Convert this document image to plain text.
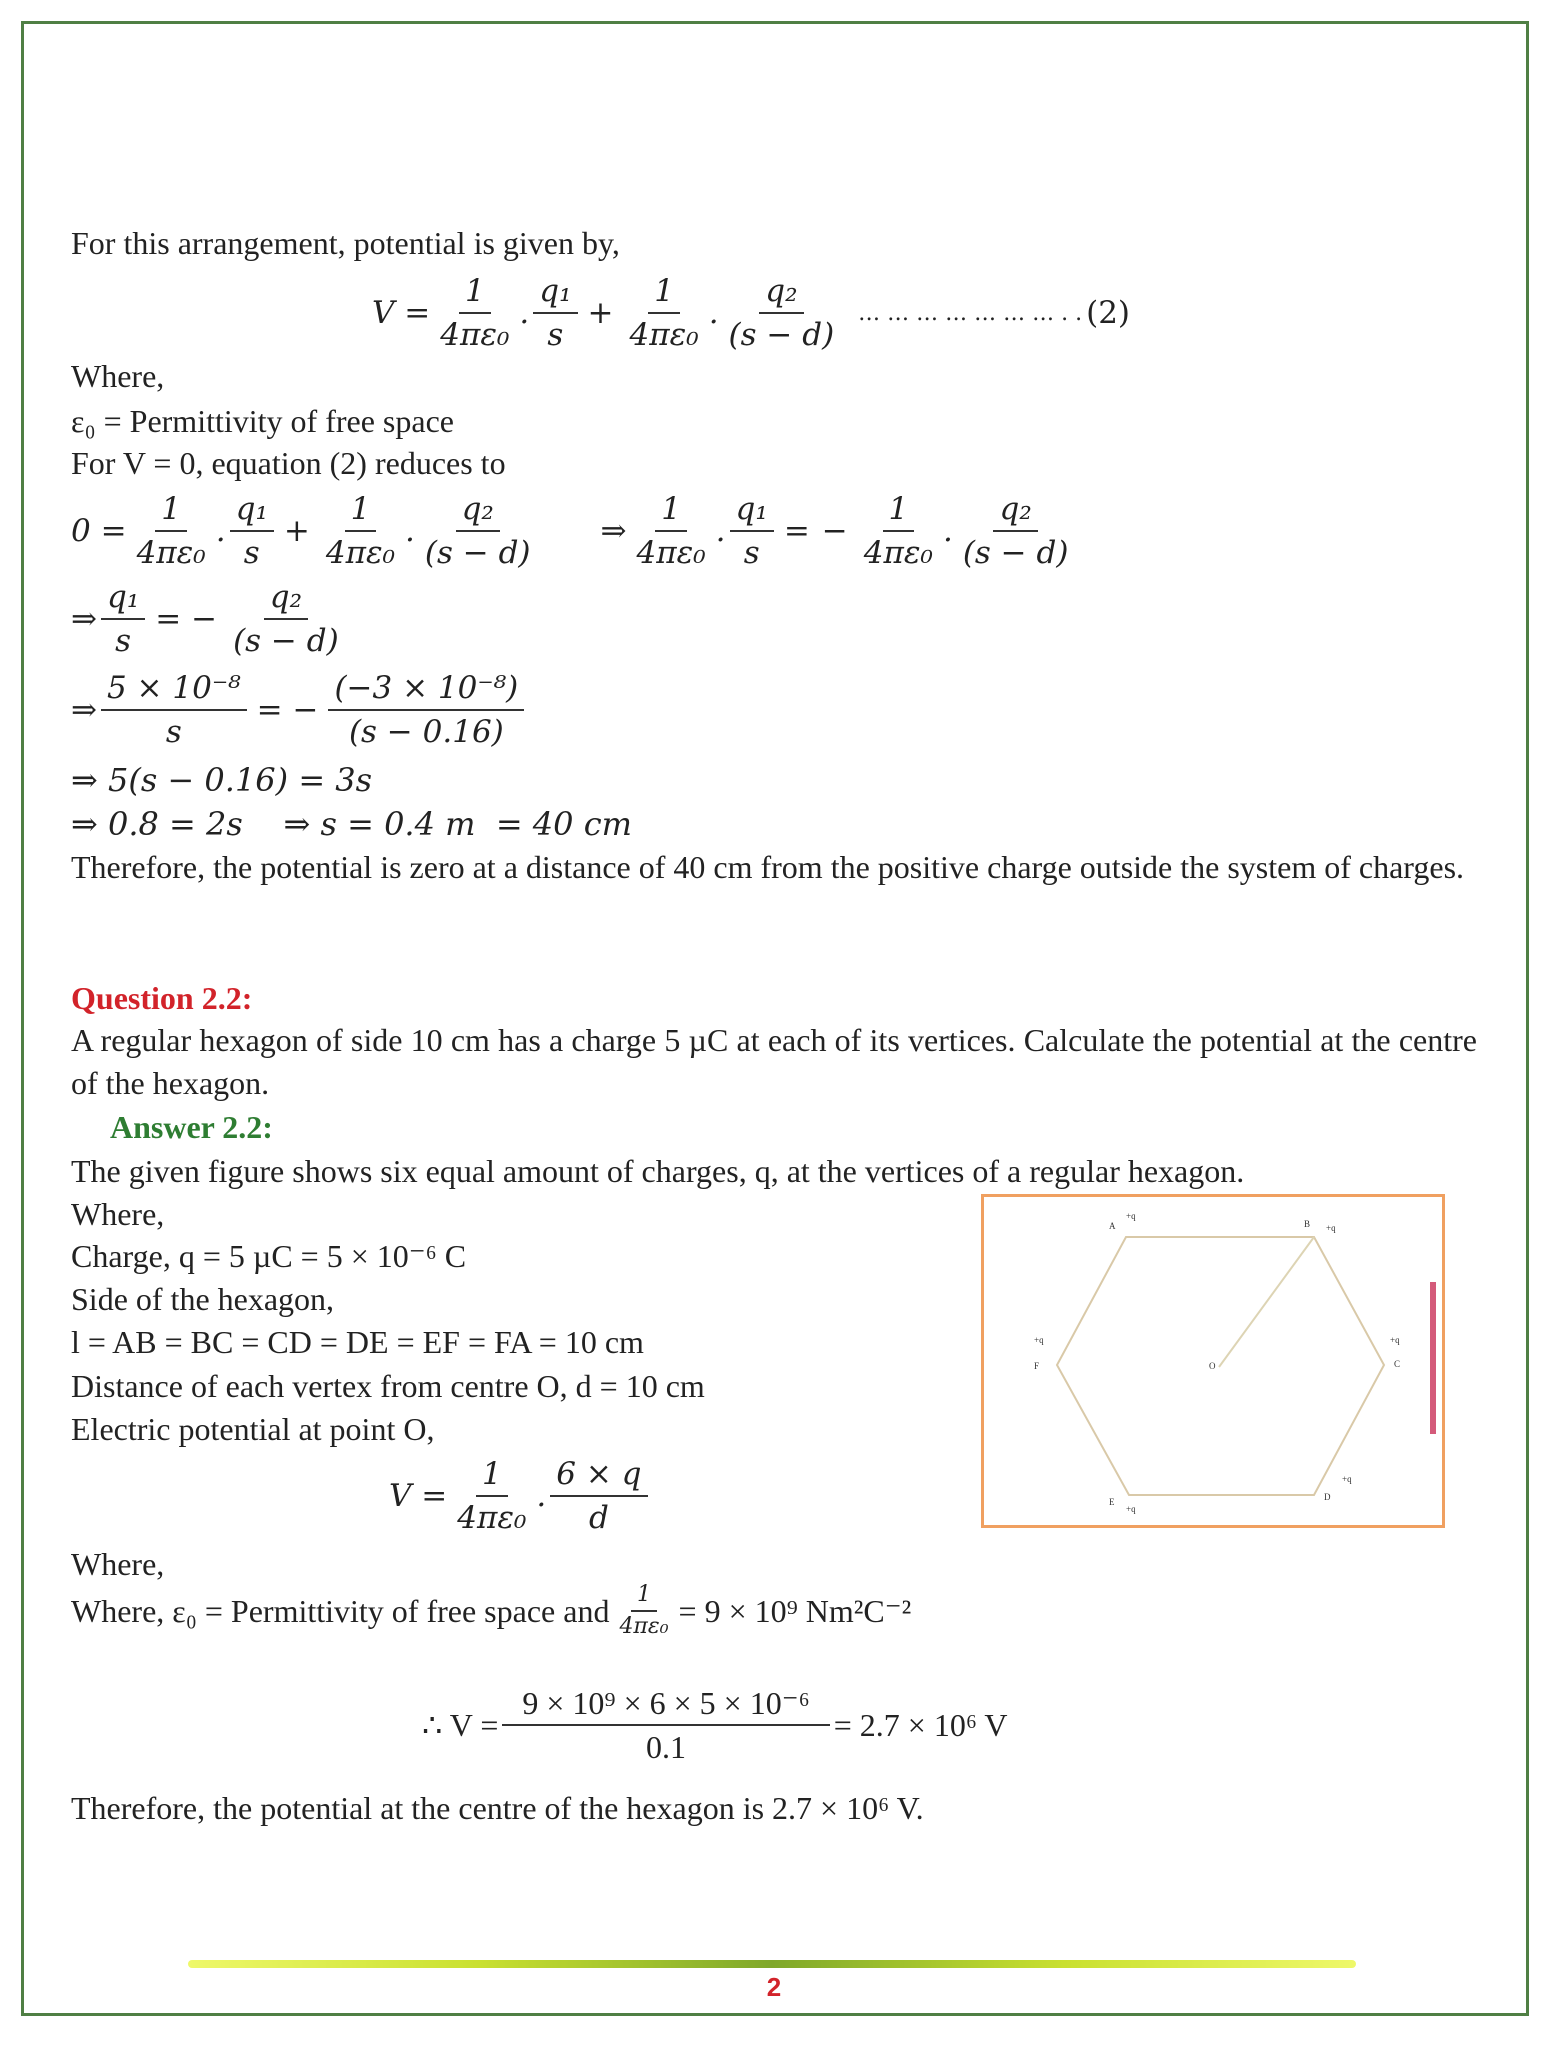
For this arrangement, potential is given by,
$V = \frac{1}{\text{4πε₀}}$ . $\frac{\text{q₁}}{s} + \frac{1}{\text{4πε₀}}$ . $\frac{\text{q₂}}{(s - d)}$ … … … … … … … . . (2)
Where,
ε₀ = Permittivity of free space
For V = 0, equation (2) reduces to
$0 = \frac{1}{\text{4πε₀}}$ . $\frac{\text{q₁}}{s} + \frac{1}{\text{4πε₀}}$ . $\frac{\text{q₂}}{(s - d)}$ ⇒ $\frac{1}{\text{4πε₀}}$ . $\frac{\text{q₁}}{s}$ = − $\frac{1}{\text{4πε₀}}$ . $\frac{\text{q₂}}{(s - d)}$
⇒ $\frac{\text{q₁}}{s}$ = − $\frac{\text{q₂}}{(s - d)}$
⇒ $\frac{\text{5 × 10⁻⁸}}{s}$ = − $\frac{\text{(−3 × 10⁻⁸)}}{(s - 0.16)}$
⇒ 5(s − 0.16) = 3s
⇒ 0.8 = 2s    ⇒ s = 0.4 m  = 40 cm
Therefore, the potential is zero at a distance of 40 cm from the positive charge outside the system of charges.
Question 2.2:
A regular hexagon of side 10 cm has a charge 5 µC at each of its vertices. Calculate the potential at the centre of the hexagon.
Answer 2.2:
The given figure shows six equal amount of charges, q, at the vertices of a regular hexagon.
Where,
Charge, q = 5 µC = 5 × 10⁻⁶ C
Side of the hexagon,
l = AB = BC = CD = DE = EF = FA = 10 cm
Distance of each vertex from centre O, d = 10 cm
Electric potential at point O,
A
+q
B +q
C
+q
D
+q
E
+q
F
+q
O
$V = \frac{1}{\text{4πε₀}}$ . $\frac{6 \times q}{d}$
Where,
Where, ε₀ = Permittivity of free space and $\frac{1}{\text{4πε₀}} = 9 \times 10^9$ Nm²C⁻²
∴ $V = \frac{\text{9 × 10⁹ × 6 × 5 × 10⁻⁶}}{0.1} = 2.7 \times 10^6$ V
Therefore, the potential at the centre of the hexagon is 2.7 × 10⁶ V.
2
